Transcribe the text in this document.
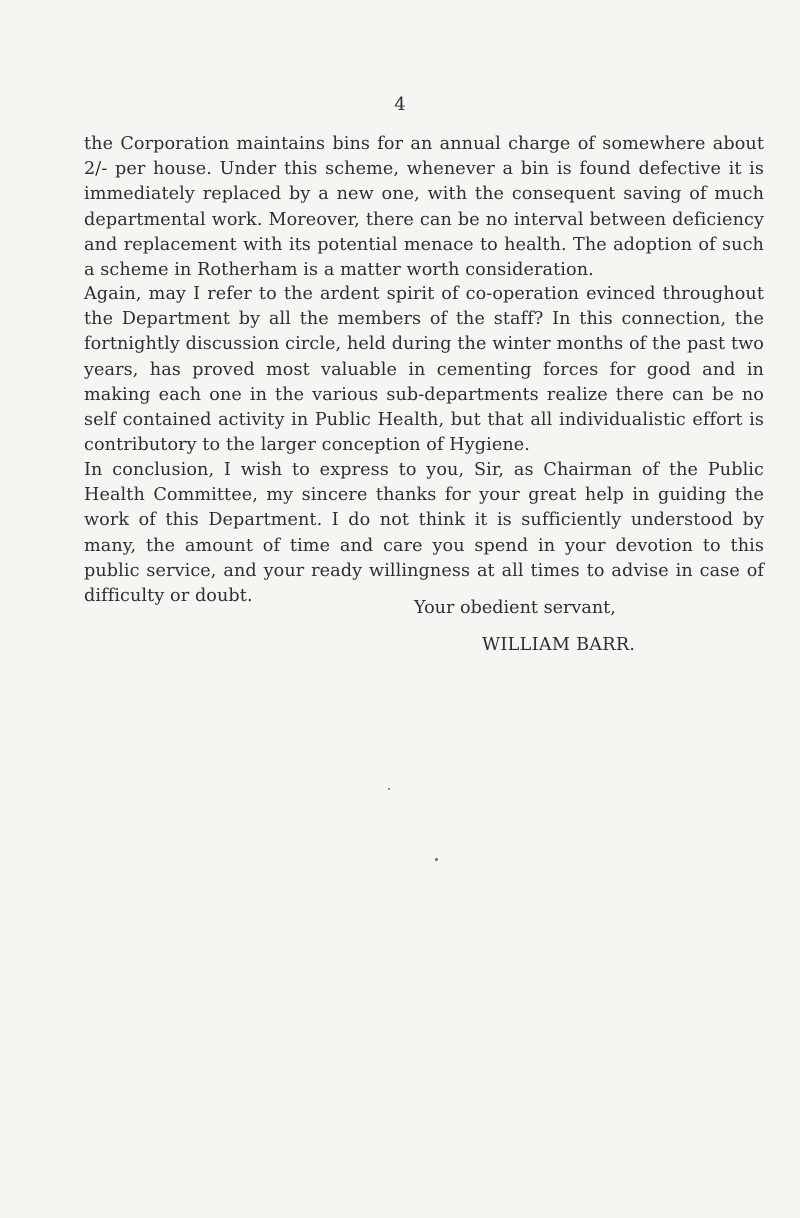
4

the Corporation maintains bins for an annual charge of somewhere about 2/- per house. Under this scheme, whenever a bin is found defective it is immediately replaced by a new one, with the consequent saving of much departmental work. Moreover, there can be no interval between deficiency and replacement with its potential menace to health. The adoption of such a scheme in Rotherham is a matter worth consideration.

Again, may I refer to the ardent spirit of co-operation evinced throughout the Department by all the members of the staff? In this connection, the fortnightly discussion circle, held during the winter months of the past two years, has proved most valuable in cementing forces for good and in making each one in the various sub-departments realize there can be no self contained activity in Public Health, but that all individualistic effort is contributory to the larger conception of Hygiene.

In conclusion, I wish to express to you, Sir, as Chairman of the Public Health Committee, my sincere thanks for your great help in guiding the work of this Department. I do not think it is sufficiently understood by many, the amount of time and care you spend in your devotion to this public service, and your ready willingness at all times to advise in case of difficulty or doubt.

Your obedient servant,
WILLIAM BARR.
